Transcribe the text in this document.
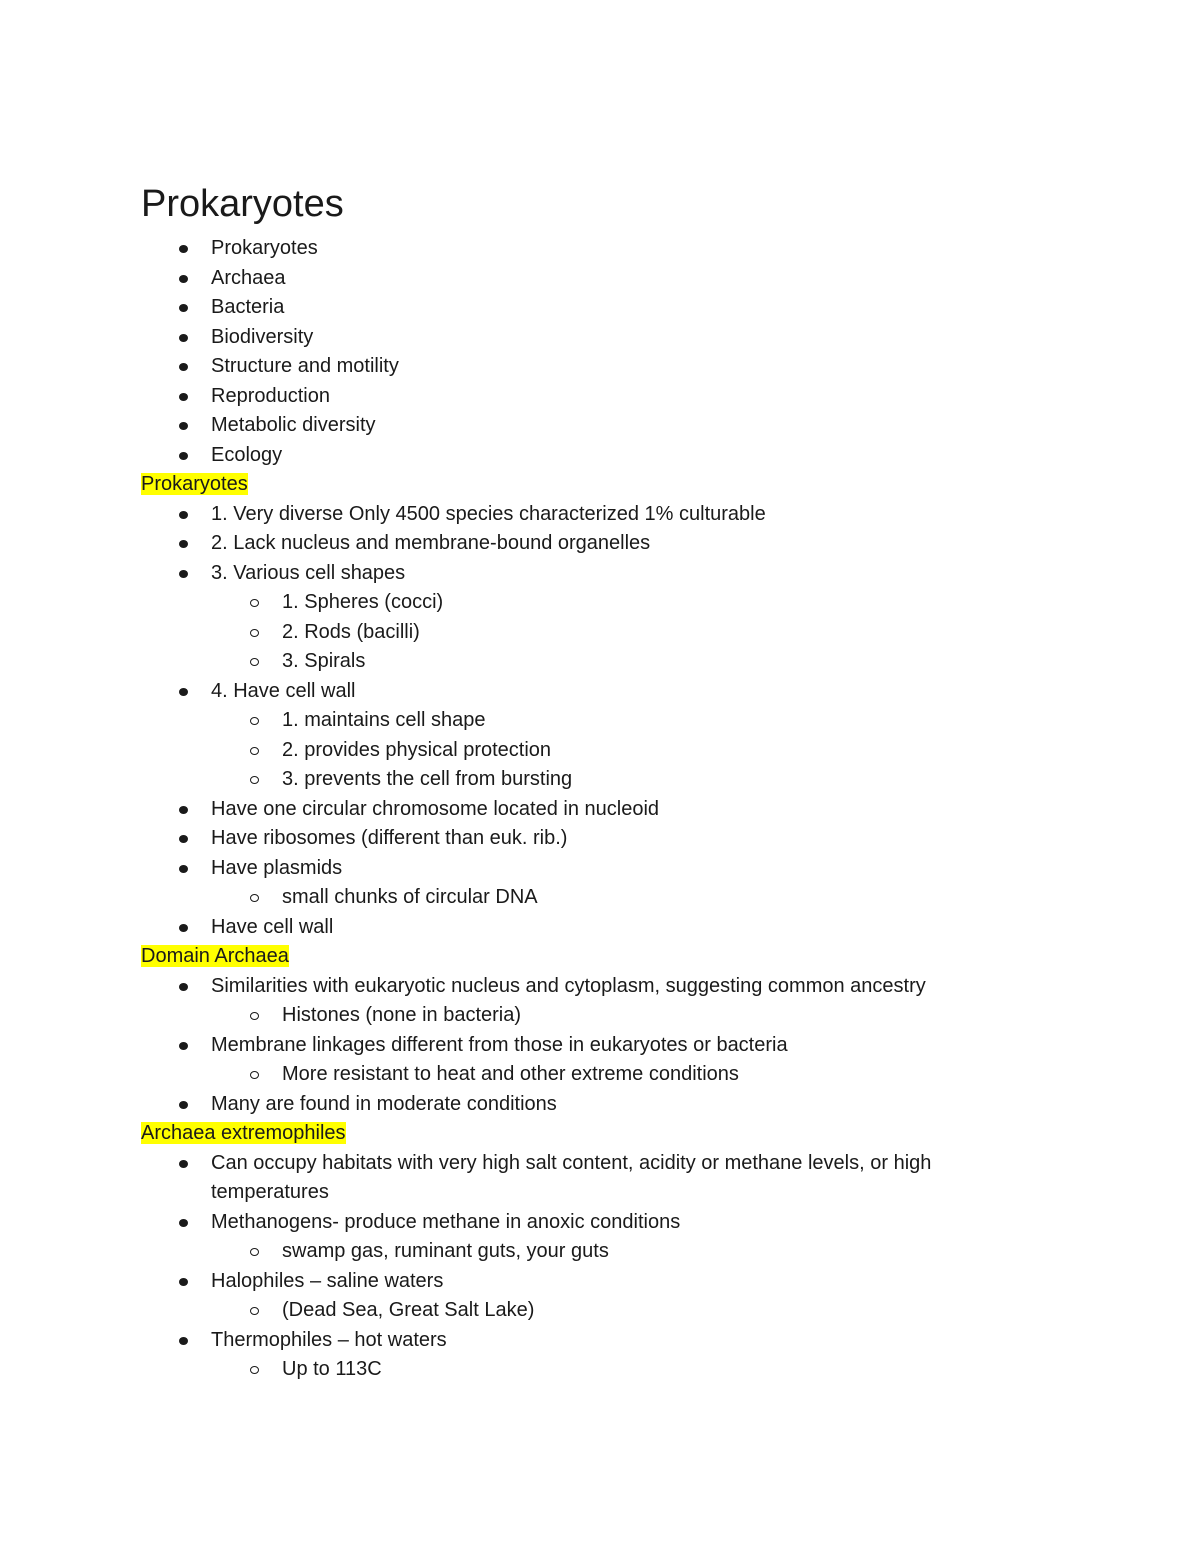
Prokaryotes
Prokaryotes
Archaea
Bacteria
Biodiversity
Structure and motility
Reproduction
Metabolic diversity
Ecology
Prokaryotes
1. Very diverse Only 4500 species characterized 1% culturable
2. Lack nucleus and membrane-bound organelles
3. Various cell shapes
1. Spheres (cocci)
2. Rods (bacilli)
3. Spirals
4. Have cell wall
1. maintains cell shape
2. provides physical protection
3. prevents the cell from bursting
Have one circular chromosome located in nucleoid
Have ribosomes (different than euk. rib.)
Have plasmids
small chunks of circular DNA
Have cell wall
Domain Archaea
Similarities with eukaryotic nucleus and cytoplasm, suggesting common ancestry
Histones (none in bacteria)
Membrane linkages different from those in eukaryotes or bacteria
More resistant to heat and other extreme conditions
Many are found in moderate conditions
Archaea extremophiles
Can occupy habitats with very high salt content, acidity or methane levels, or high temperatures
Methanogens- produce methane in anoxic conditions
swamp gas, ruminant guts, your guts
Halophiles – saline waters
(Dead Sea, Great Salt Lake)
Thermophiles – hot waters
Up to 113C
